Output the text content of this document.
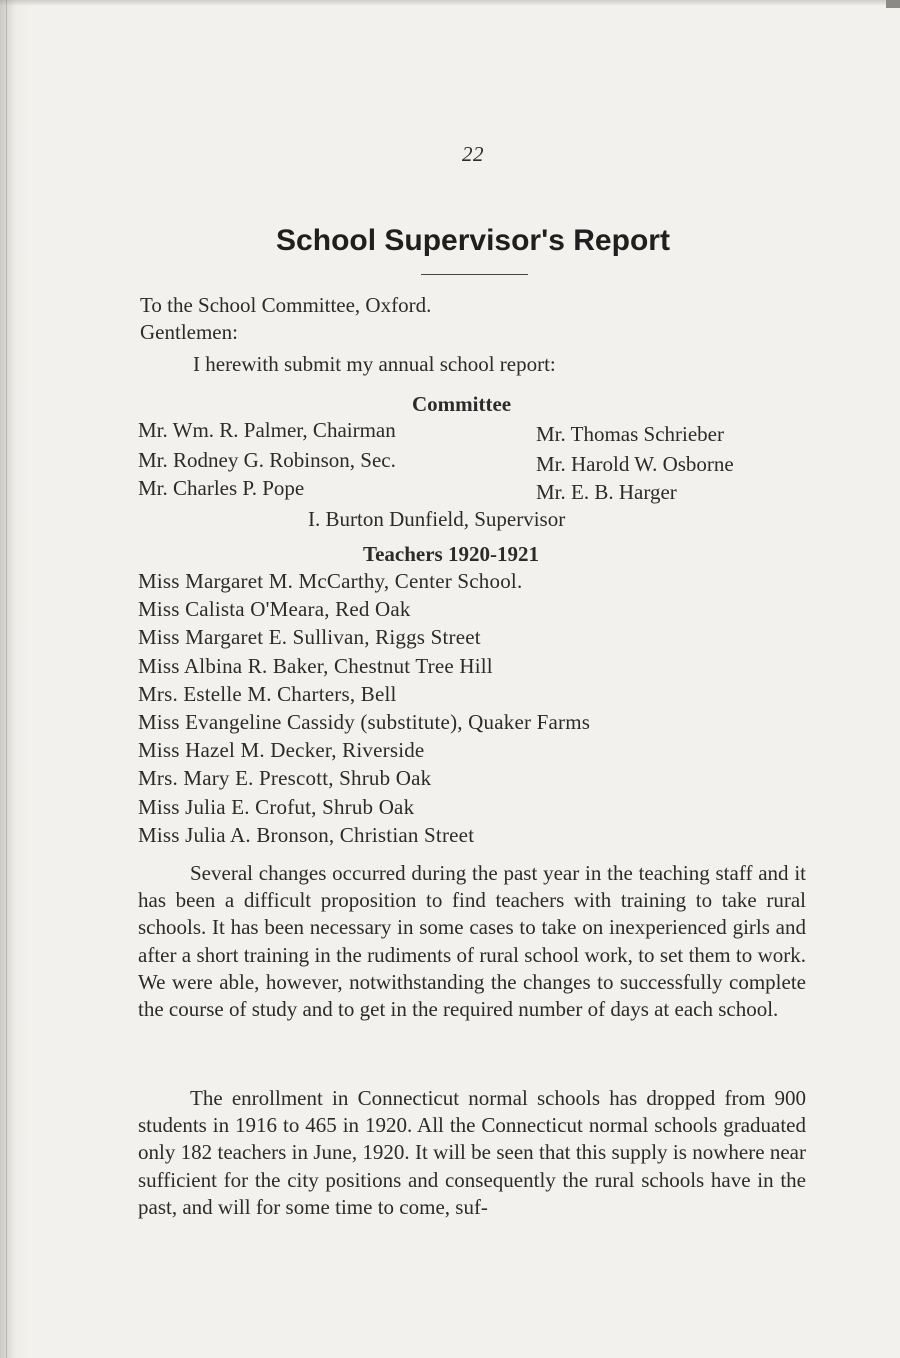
22
School Supervisor's Report
To the School Committee, Oxford.
Gentlemen:
I herewith submit my annual school report:
Committee
Mr. Wm. R. Palmer, Chairman
Mr. Rodney G. Robinson, Sec.
Mr. Charles P. Pope
Mr. Thomas Schrieber
Mr. Harold W. Osborne
Mr. E. B. Harger
I. Burton Dunfield, Supervisor
Teachers 1920-1921
Miss Margaret M. McCarthy, Center School.
Miss Calista O'Meara, Red Oak
Miss Margaret E. Sullivan, Riggs Street
Miss Albina R. Baker, Chestnut Tree Hill
Mrs. Estelle M. Charters, Bell
Miss Evangeline Cassidy (substitute), Quaker Farms
Miss Hazel M. Decker, Riverside
Mrs. Mary E. Prescott, Shrub Oak
Miss Julia E. Crofut, Shrub Oak
Miss Julia A. Bronson, Christian Street

Several changes occurred during the past year in the teaching staff and it has been a difficult proposition to find teachers with training to take rural schools. It has been necessary in some cases to take on inexperienced girls and after a short training in the rudiments of rural school work, to set them to work. We were able, however, notwithstanding the changes to successfully complete the course of study and to get in the required number of days at each school.

The enrollment in Connecticut normal schools has dropped from 900 students in 1916 to 465 in 1920. All the Connecticut normal schools graduated only 182 teachers in June, 1920. It will be seen that this supply is nowhere near sufficient for the city positions and consequently the rural schools have in the past, and will for some time to come, suf-
